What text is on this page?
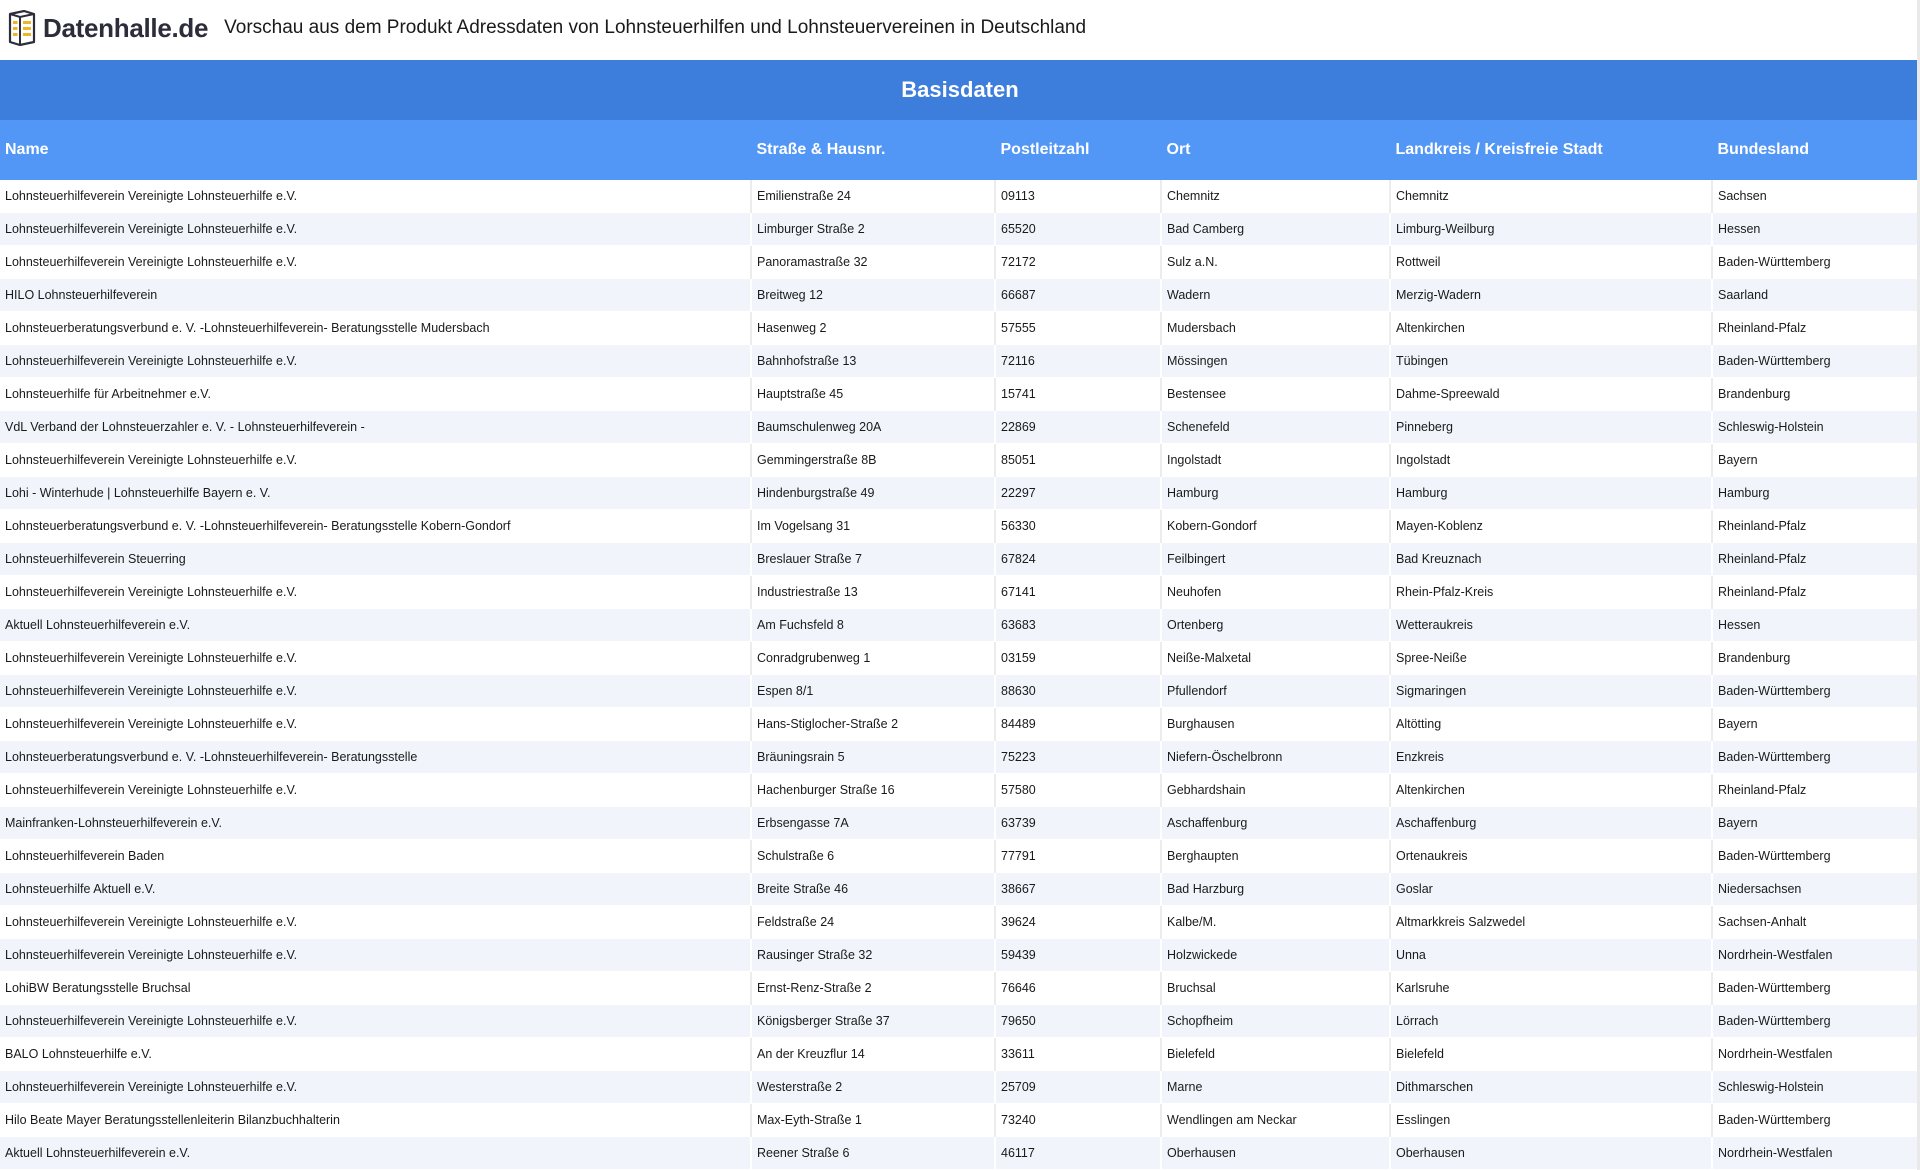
Datenhalle.de Vorschau aus dem Produkt Adressdaten von Lohnsteuerhilfen und Lohnsteuervereinen in Deutschland
Basisdaten
Name	Straße & Hausnr.	Postleitzahl	Ort	Landkreis / Kreisfreie Stadt	Bundesland
Lohnsteuerhilfeverein Vereinigte Lohnsteuerhilfe e.V.	Emilienstraße 24	09113	Chemnitz	Chemnitz	Sachsen
Lohnsteuerhilfeverein Vereinigte Lohnsteuerhilfe e.V.	Limburger Straße 2	65520	Bad Camberg	Limburg-Weilburg	Hessen
Lohnsteuerhilfeverein Vereinigte Lohnsteuerhilfe e.V.	Panoramastraße 32	72172	Sulz a.N.	Rottweil	Baden-Württemberg
HILO Lohnsteuerhilfeverein	Breitweg 12	66687	Wadern	Merzig-Wadern	Saarland
Lohnsteuerberatungsverbund e. V. -Lohnsteuerhilfeverein- Beratungsstelle Mudersbach	Hasenweg 2	57555	Mudersbach	Altenkirchen	Rheinland-Pfalz
Lohnsteuerhilfeverein Vereinigte Lohnsteuerhilfe e.V.	Bahnhofstraße 13	72116	Mössingen	Tübingen	Baden-Württemberg
Lohnsteuerhilfe für Arbeitnehmer e.V.	Hauptstraße 45	15741	Bestensee	Dahme-Spreewald	Brandenburg
VdL Verband der Lohnsteuerzahler e. V. - Lohnsteuerhilfeverein -	Baumschulenweg 20A	22869	Schenefeld	Pinneberg	Schleswig-Holstein
Lohnsteuerhilfeverein Vereinigte Lohnsteuerhilfe e.V.	Gemmingerstraße 8B	85051	Ingolstadt	Ingolstadt	Bayern
Lohi - Winterhude | Lohnsteuerhilfe Bayern e. V.	Hindenburgstraße 49	22297	Hamburg	Hamburg	Hamburg
Lohnsteuerberatungsverbund e. V. -Lohnsteuerhilfeverein- Beratungsstelle Kobern-Gondorf	Im Vogelsang 31	56330	Kobern-Gondorf	Mayen-Koblenz	Rheinland-Pfalz
Lohnsteuerhilfeverein Steuerring	Breslauer Straße 7	67824	Feilbingert	Bad Kreuznach	Rheinland-Pfalz
Lohnsteuerhilfeverein Vereinigte Lohnsteuerhilfe e.V.	Industriestraße 13	67141	Neuhofen	Rhein-Pfalz-Kreis	Rheinland-Pfalz
Aktuell Lohnsteuerhilfeverein e.V.	Am Fuchsfeld 8	63683	Ortenberg	Wetteraukreis	Hessen
Lohnsteuerhilfeverein Vereinigte Lohnsteuerhilfe e.V.	Conradgrubenweg 1	03159	Neiße-Malxetal	Spree-Neiße	Brandenburg
Lohnsteuerhilfeverein Vereinigte Lohnsteuerhilfe e.V.	Espen 8/1	88630	Pfullendorf	Sigmaringen	Baden-Württemberg
Lohnsteuerhilfeverein Vereinigte Lohnsteuerhilfe e.V.	Hans-Stiglocher-Straße 2	84489	Burghausen	Altötting	Bayern
Lohnsteuerberatungsverbund e. V. -Lohnsteuerhilfeverein- Beratungsstelle	Bräuningsrain 5	75223	Niefern-Öschelbronn	Enzkreis	Baden-Württemberg
Lohnsteuerhilfeverein Vereinigte Lohnsteuerhilfe e.V.	Hachenburger Straße 16	57580	Gebhardshain	Altenkirchen	Rheinland-Pfalz
Mainfranken-Lohnsteuerhilfeverein e.V.	Erbsengasse 7A	63739	Aschaffenburg	Aschaffenburg	Bayern
Lohnsteuerhilfeverein Baden	Schulstraße 6	77791	Berghaupten	Ortenaukreis	Baden-Württemberg
Lohnsteuerhilfe Aktuell e.V.	Breite Straße 46	38667	Bad Harzburg	Goslar	Niedersachsen
Lohnsteuerhilfeverein Vereinigte Lohnsteuerhilfe e.V.	Feldstraße 24	39624	Kalbe/M.	Altmarkkreis Salzwedel	Sachsen-Anhalt
Lohnsteuerhilfeverein Vereinigte Lohnsteuerhilfe e.V.	Rausinger Straße 32	59439	Holzwickede	Unna	Nordrhein-Westfalen
LohiBW Beratungsstelle Bruchsal	Ernst-Renz-Straße 2	76646	Bruchsal	Karlsruhe	Baden-Württemberg
Lohnsteuerhilfeverein Vereinigte Lohnsteuerhilfe e.V.	Königsberger Straße 37	79650	Schopfheim	Lörrach	Baden-Württemberg
BALO Lohnsteuerhilfe e.V.	An der Kreuzflur 14	33611	Bielefeld	Bielefeld	Nordrhein-Westfalen
Lohnsteuerhilfeverein Vereinigte Lohnsteuerhilfe e.V.	Westerstraße 2	25709	Marne	Dithmarschen	Schleswig-Holstein
Hilo Beate Mayer Beratungsstellenleiterin Bilanzbuchhalterin	Max-Eyth-Straße 1	73240	Wendlingen am Neckar	Esslingen	Baden-Württemberg
Aktuell Lohnsteuerhilfeverein e.V.	Reener Straße 6	46117	Oberhausen	Oberhausen	Nordrhein-Westfalen
